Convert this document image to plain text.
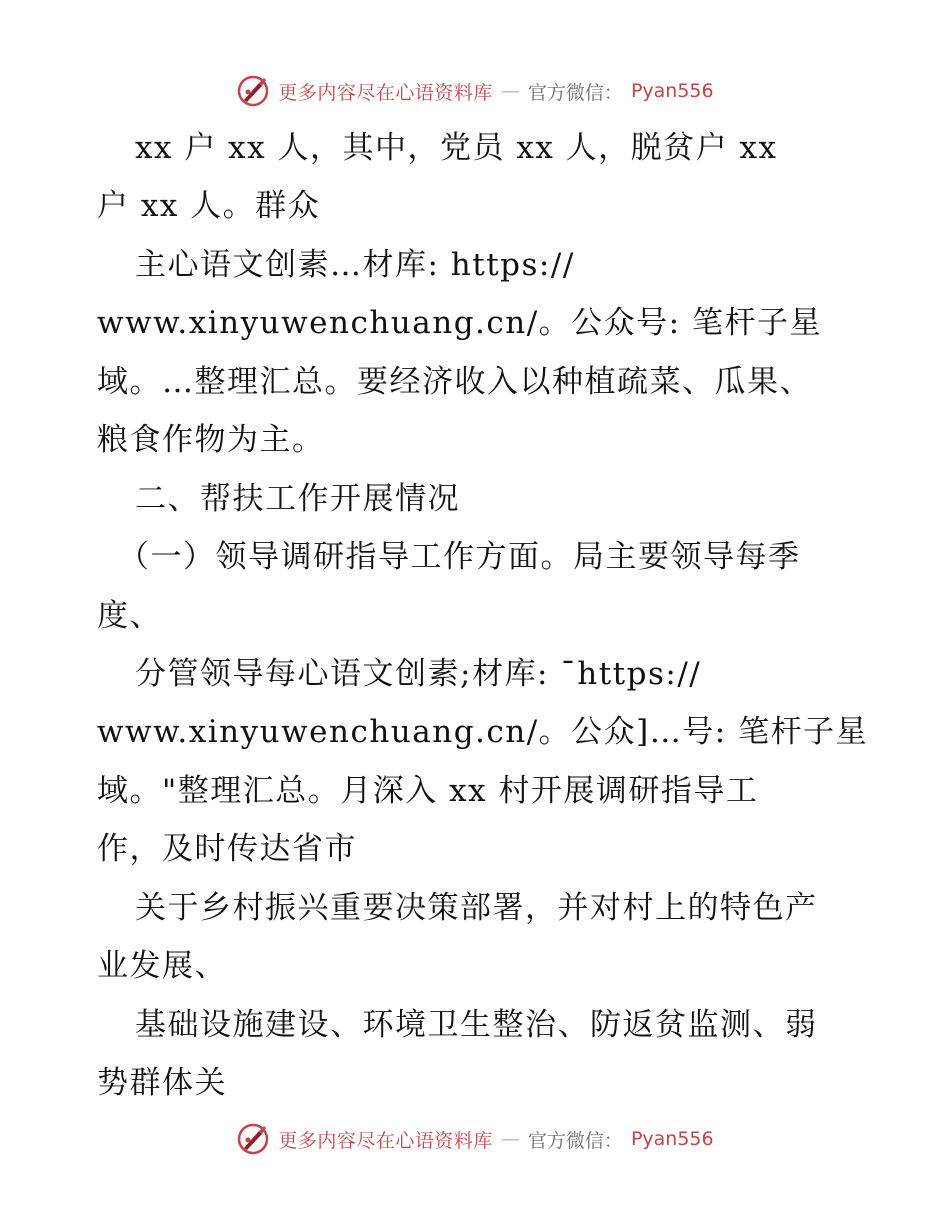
更多内容尽在心语资料库 — 官方微信： Pyan556
xx 户 xx 人，其中，党员 xx 人，脱贫户 xx
户 xx 人。群众
主心语文创素…材库: https://
www.xinyuwenchuang.cn/。公众号: 笔杆子星
域。…整理汇总。要经济收入以种植疏菜、瓜果、
粮食作物为主。
二、帮扶工作开展情况
（一）领导调研指导工作方面。局主要领导每季
度、
分管领导每心语文创素;材库: ¯https://
www.xinyuwenchuang.cn/。公众]…号: 笔杆子星
域。"整理汇总。月深入 xx 村开展调研指导工
作，及时传达省市
关于乡村振兴重要决策部署，并对村上的特色产
业发展、
基础设施建设、环境卫生整治、防返贫监测、弱
势群体关
更多内容尽在心语资料库 — 官方微信： Pyan556
